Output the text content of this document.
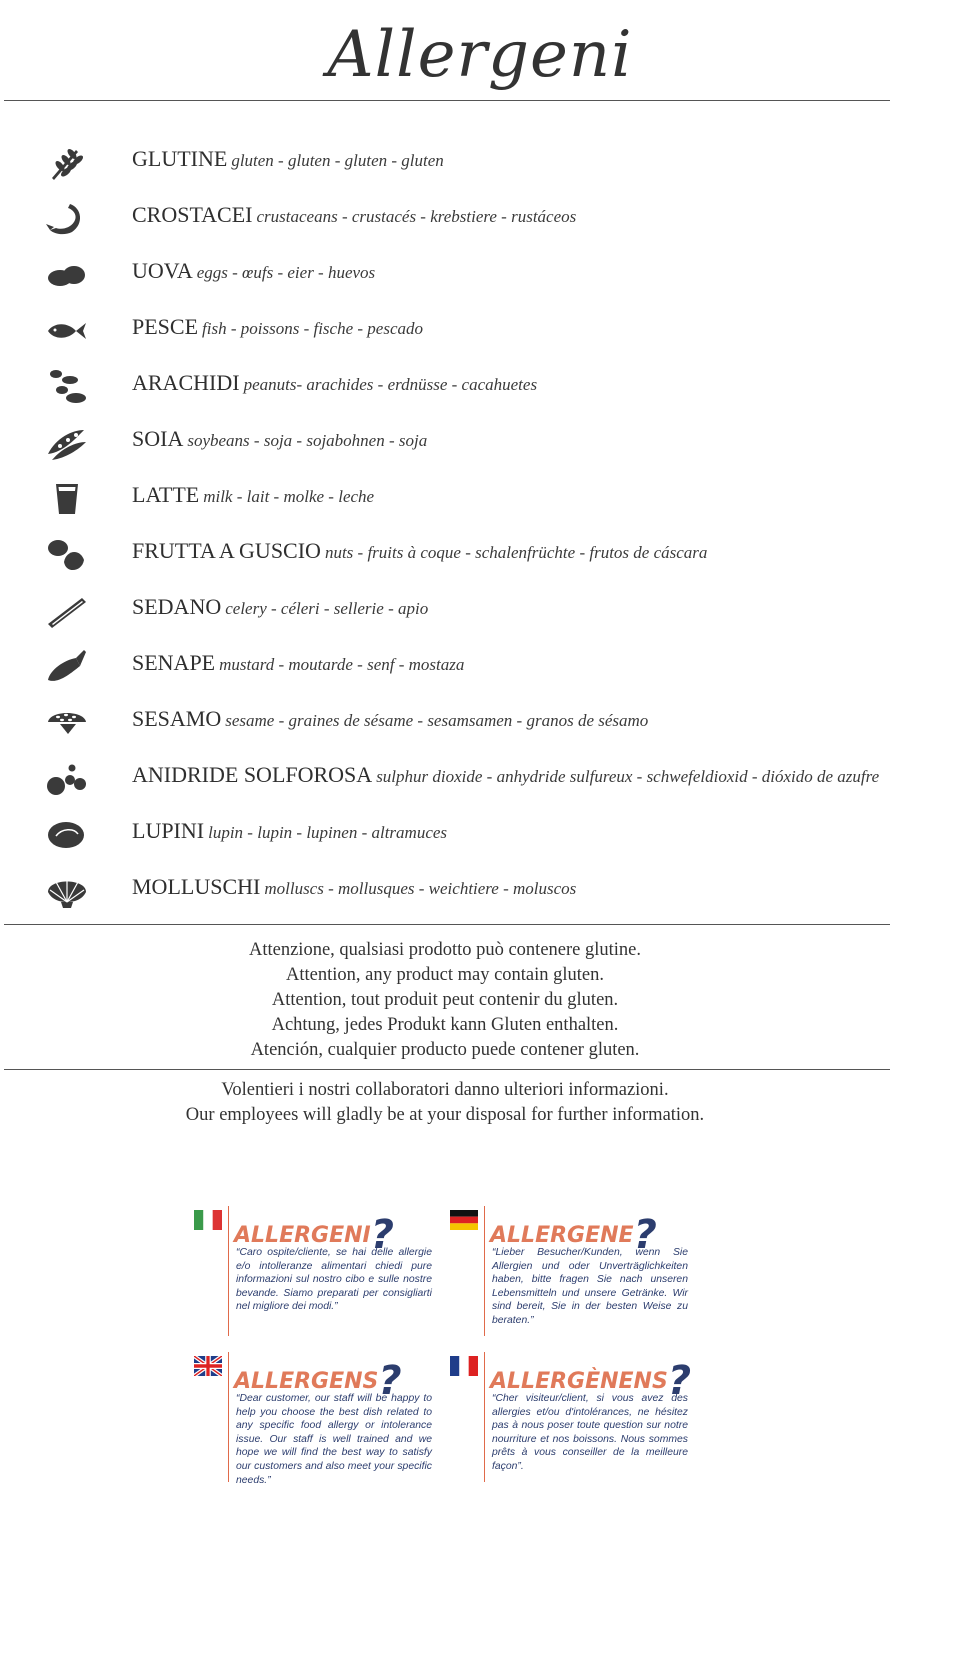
Allergeni
GLUTINE gluten - gluten - gluten - gluten
CROSTACEI crustaceans - crustacés - krebstiere - rustáceos
UOVA eggs - œufs - eier - huevos
PESCE fish - poissons - fische - pescado
ARACHIDI peanuts- arachides - erdnüsse - cacahuetes
SOIA soybeans - soja - sojabohnen - soja
LATTE milk - lait - molke - leche
FRUTTA A GUSCIO nuts - fruits à coque - schalenfrüchte - frutos de cáscara
SEDANO celery - céleri - sellerie - apio
SENAPE mustard - moutarde - senf - mostaza
SESAMO sesame - graines de sésame - sesamsamen - granos de sésamo
ANIDRIDE SOLFOROSA sulphur dioxide - anhydride sulfureux - schwefeldioxid - dióxido de azufre
LUPINI lupin - lupin - lupinen - altramuces
MOLLUSCHI molluscs - mollusques - weichtiere - moluscos
Attenzione, qualsiasi prodotto può contenere glutine.
Attention, any product may contain gluten.
Attention, tout produit peut contenir du gluten.
Achtung, jedes Produkt kann Gluten enthalten.
Atención, cualquier producto puede contener gluten.
Volentieri i nostri collaboratori danno ulteriori informazioni.
Our employees will gladly be at your disposal for further information.
ALLERGENI?
“Caro ospite/cliente, se hai delle allergie e/o intolleranze alimentari chiedi pure informazioni sul nostro cibo e sulle nostre bevande. Siamo preparati per consigliarti nel migliore dei modi.”
ALLERGENE?
“Lieber Besucher/Kunden, wenn Sie Allergien und oder Unverträglichkeiten haben, bitte fragen Sie nach unseren Lebensmitteln und unsere Getränke. Wir sind bereit, Sie in der besten Weise zu beraten.”
ALLERGENS?
“Dear customer, our staff will be happy to help you choose the best dish related to any specific food allergy or intolerance issue. Our staff is well trained and we hope we will find the best way to satisfy our customers and also meet your specific needs.”
ALLERGÈNENS?
“Cher visiteur/client, si vous avez des allergies et/ou d'intolérances, ne hésitez pas à nous poser toute question sur notre nourriture et nos boissons. Nous sommes prêts à vous conseiller de la meilleure façon”.
